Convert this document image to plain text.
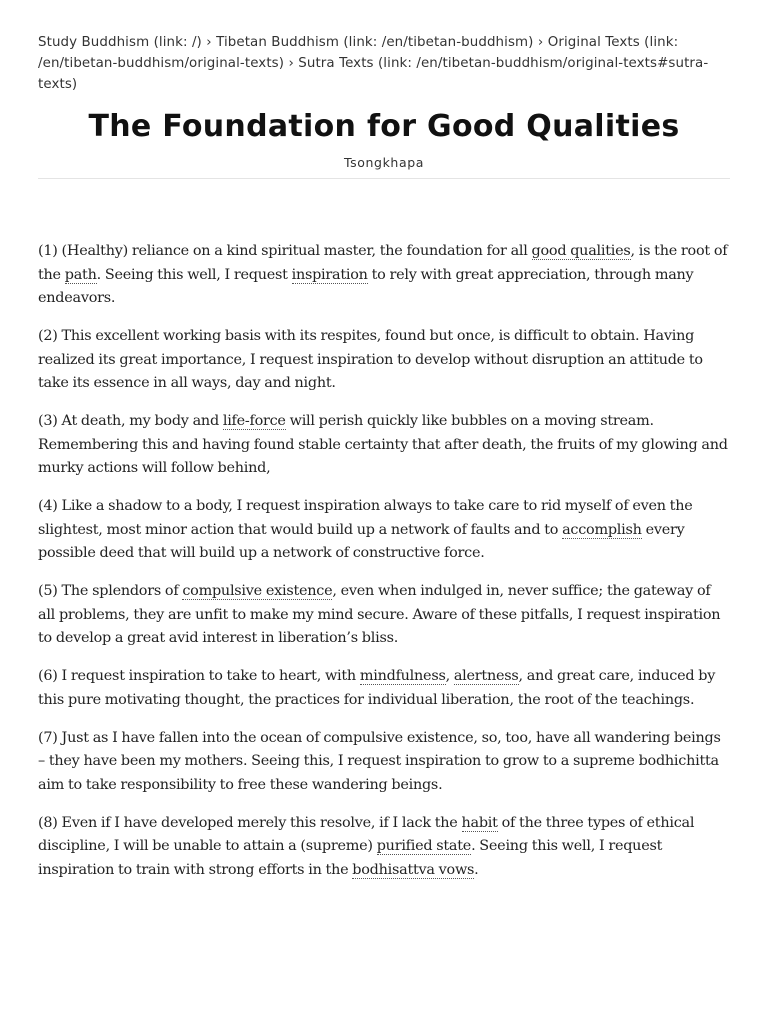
Study Buddhism (link: /) › Tibetan Buddhism (link: /en/tibetan-buddhism) › Original Texts (link: /en/tibetan-buddhism/original-texts) › Sutra Texts (link: /en/tibetan-buddhism/original-texts#sutra-texts)
The Foundation for Good Qualities
Tsongkhapa

(1) (Healthy) reliance on a kind spiritual master, the foundation for all good qualities, is the root of the path. Seeing this well, I request inspiration to rely with great appreciation, through many endeavors.

(2) This excellent working basis with its respites, found but once, is difficult to obtain. Having realized its great importance, I request inspiration to develop without disruption an attitude to take its essence in all ways, day and night.

(3) At death, my body and life-force will perish quickly like bubbles on a moving stream. Remembering this and having found stable certainty that after death, the fruits of my glowing and murky actions will follow behind,

(4) Like a shadow to a body, I request inspiration always to take care to rid myself of even the slightest, most minor action that would build up a network of faults and to accomplish every possible deed that will build up a network of constructive force.

(5) The splendors of compulsive existence, even when indulged in, never suffice; the gateway of all problems, they are unfit to make my mind secure. Aware of these pitfalls, I request inspiration to develop a great avid interest in liberation’s bliss.

(6) I request inspiration to take to heart, with mindfulness, alertness, and great care, induced by this pure motivating thought, the practices for individual liberation, the root of the teachings.

(7) Just as I have fallen into the ocean of compulsive existence, so, too, have all wandering beings – they have been my mothers. Seeing this, I request inspiration to grow to a supreme bodhichitta aim to take responsibility to free these wandering beings.

(8) Even if I have developed merely this resolve, if I lack the habit of the three types of ethical discipline, I will be unable to attain a (supreme) purified state. Seeing this well, I request inspiration to train with strong efforts in the bodhisattva vows.
